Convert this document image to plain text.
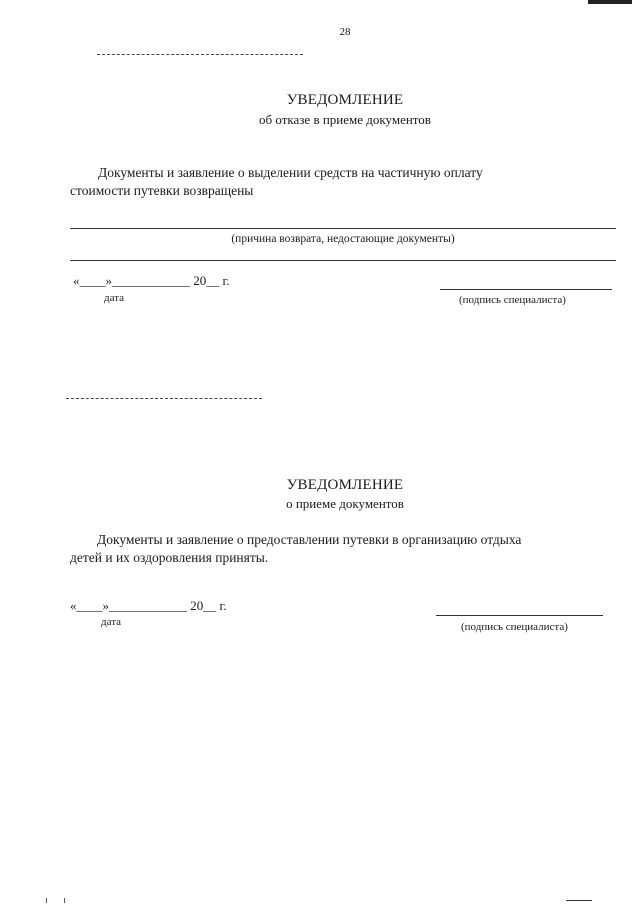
28
УВЕДОМЛЕНИЕ
об отказе в приеме документов
Документы и заявление о выделении средств на частичную оплату
стоимости путевки возвращены
(причина возврата, недостающие документы)
«____»____________ 20__ г.
дата	(подпись специалиста)
УВЕДОМЛЕНИЕ
о приеме документов
Документы и заявление о предоставлении путевки в организацию отдыха
детей и их оздоровления приняты.
«____»____________ 20__ г.
дата	(подпись специалиста)
